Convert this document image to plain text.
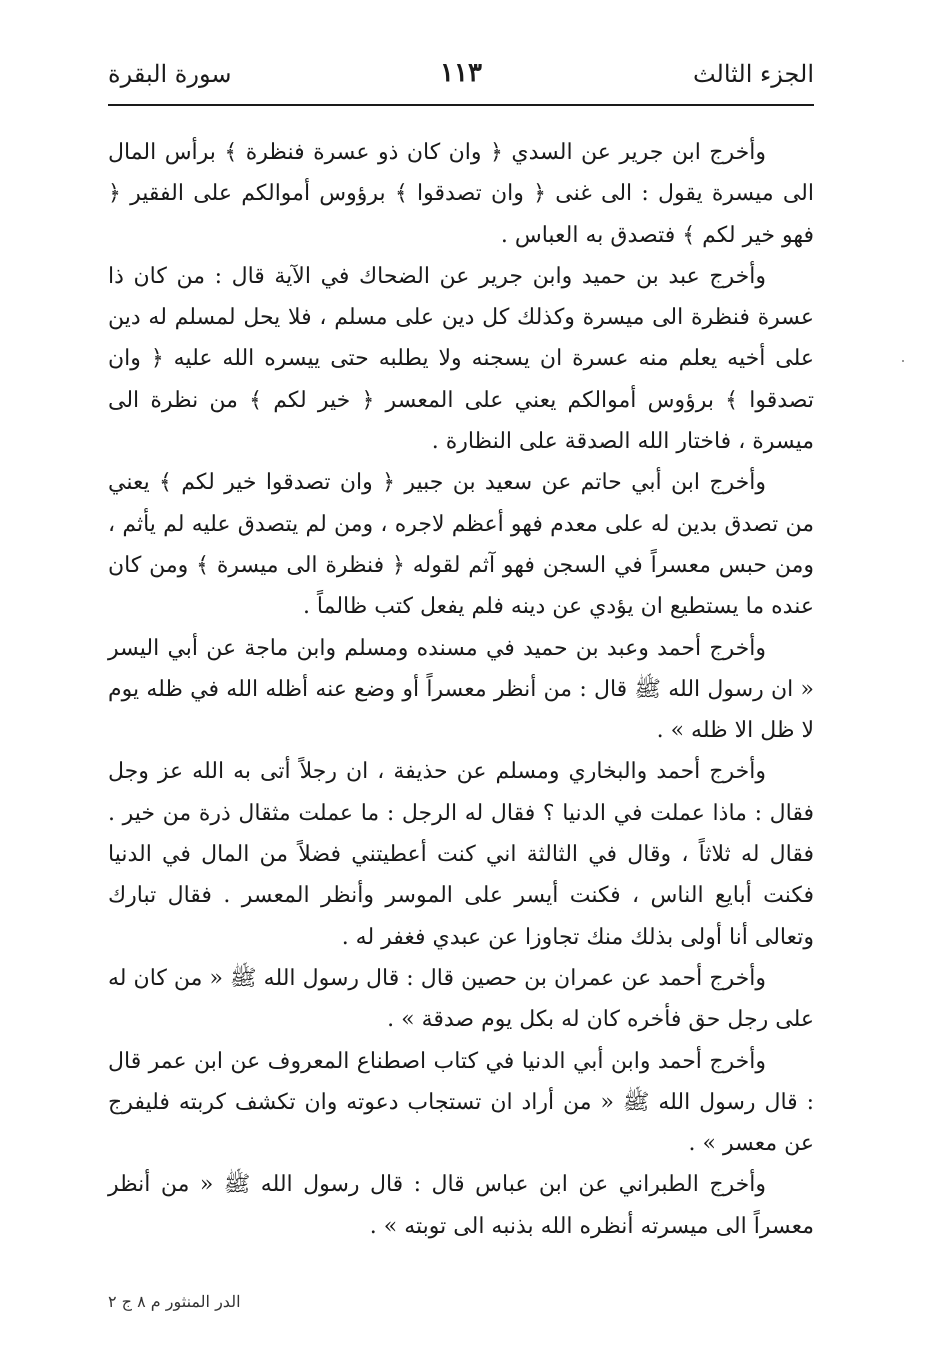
الجزء الثالث
١١٣
سورة البقرة

وأخرج ابن جرير عن السدي ﴿ وان كان ذو عسرة فنظرة ﴾ برأس المال الى ميسرة يقول : الى غنى ﴿ وان تصدقوا ﴾ برؤوس أموالكم على الفقير ﴿ فهو خير لكم ﴾ فتصدق به العباس .

وأخرج عبد بن حميد وابن جرير عن الضحاك في الآية قال : من كان ذا عسرة فنظرة الى ميسرة وكذلك كل دين على مسلم ، فلا يحل لمسلم له دين على أخيه يعلم منه عسرة ان يسجنه ولا يطلبه حتى ييسره الله عليه ﴿ وان تصدقوا ﴾ برؤوس أموالكم يعني على المعسر ﴿ خير لكم ﴾ من نظرة الى ميسرة ، فاختار الله الصدقة على النظارة .

وأخرج ابن أبي حاتم عن سعيد بن جبير ﴿ وان تصدقوا خير لكم ﴾ يعني من تصدق بدين له على معدم فهو أعظم لاجره ، ومن لم يتصدق عليه لم يأثم ، ومن حبس معسراً في السجن فهو آثم لقوله ﴿ فنظرة الى ميسرة ﴾ ومن كان عنده ما يستطيع ان يؤدي عن دينه فلم يفعل كتب ظالماً .

وأخرج أحمد وعبد بن حميد في مسنده ومسلم وابن ماجة عن أبي اليسر « ان رسول الله ﷺ قال : من أنظر معسراً أو وضع عنه أظله الله في ظله يوم لا ظل الا ظله » .

وأخرج أحمد والبخاري ومسلم عن حذيفة ، ان رجلاً أتى به الله عز وجل فقال : ماذا عملت في الدنيا ؟ فقال له الرجل : ما عملت مثقال ذرة من خير . فقال له ثلاثاً ، وقال في الثالثة اني كنت أعطيتني فضلاً من المال في الدنيا فكنت أبايع الناس ، فكنت أيسر على الموسر وأنظر المعسر . فقال تبارك وتعالى أنا أولى بذلك منك تجاوزا عن عبدي فغفر له .

وأخرج أحمد عن عمران بن حصين قال : قال رسول الله ﷺ « من كان له على رجل حق فأخره كان له بكل يوم صدقة » .

وأخرج أحمد وابن أبي الدنيا في كتاب اصطناع المعروف عن ابن عمر قال : قال رسول الله ﷺ « من أراد ان تستجاب دعوته وان تكشف كربته فليفرج عن معسر » .

وأخرج الطبراني عن ابن عباس قال : قال رسول الله ﷺ « من أنظر معسراً الى ميسرته أنظره الله بذنبه الى توبته » .

الدر المنثور م ٨ ج ٢
